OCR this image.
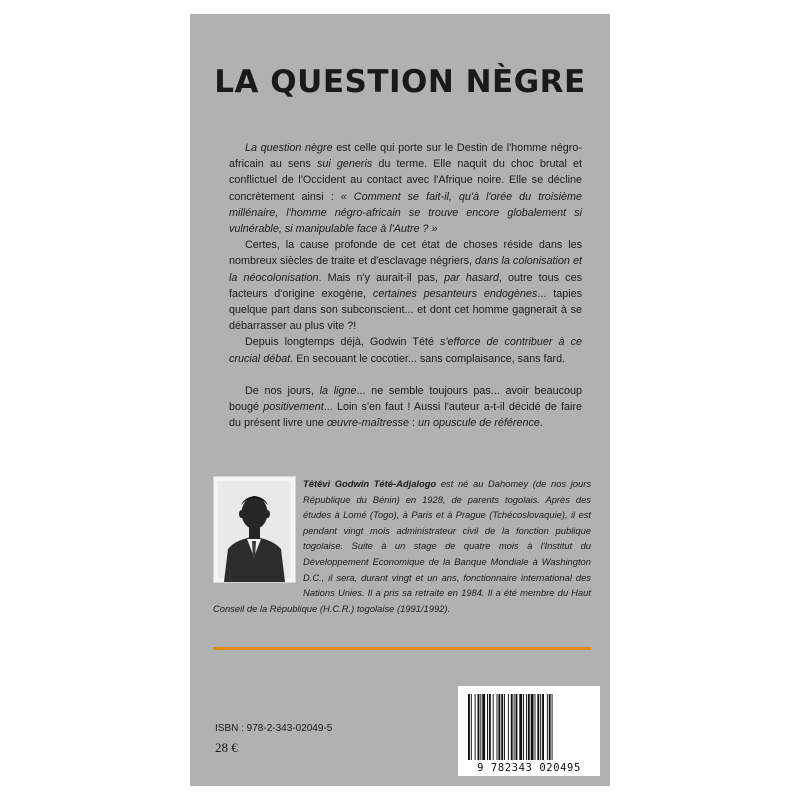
LA QUESTION NÈGRE

La question nègre est celle qui porte sur le Destin de l'homme négro-africain au sens sui generis du terme. Elle naquit du choc brutal et conflictuel de l'Occident au contact avec l'Afrique noire. Elle se décline concrètement ainsi : « Comment se fait-il, qu'à l'orée du troisième millénaire, l'homme négro-africain se trouve encore globalement si vulnérable, si manipulable face à l'Autre ? »

Certes, la cause profonde de cet état de choses réside dans les nombreux siècles de traite et d'esclavage négriers, dans la colonisation et la néocolonisation. Mais n'y aurait-il pas, par hasard, outre tous ces facteurs d'origine exogène, certaines pesanteurs endogènes... tapies quelque part dans son subconscient... et dont cet homme gagnerait à se débarrasser au plus vite ?!

Depuis longtemps déjà, Godwin Tété s'efforce de contribuer à ce crucial débat. En secouant le cocotier... sans complaisance, sans fard.

De nos jours, la ligne... ne semble toujours pas... avoir beaucoup bougé positivement... Loin s'en faut ! Aussi l'auteur a-t-il décidé de faire du présent livre une œuvre-maîtresse : un opuscule de référence.

Têtêvi Godwin Tété-Adjalogo est né au Dahomey (de nos jours République du Bénin) en 1928, de parents togolais. Après des études à Lomé (Togo), à Paris et à Prague (Tchécoslovaquie), il est pendant vingt mois administrateur civil de la fonction publique togolaise. Suite à un stage de quatre mois à l'Institut du Développement Economique de la Banque Mondiale à Washington D.C., il sera, durant vingt et un ans, fonctionnaire international des Nations Unies. Il a pris sa retraite en 1984. Il a été membre du Haut Conseil de la République (H.C.R.) togolaise (1991/1992).
ISBN : 978-2-343-02049-5
28 €
9 782343 020495
